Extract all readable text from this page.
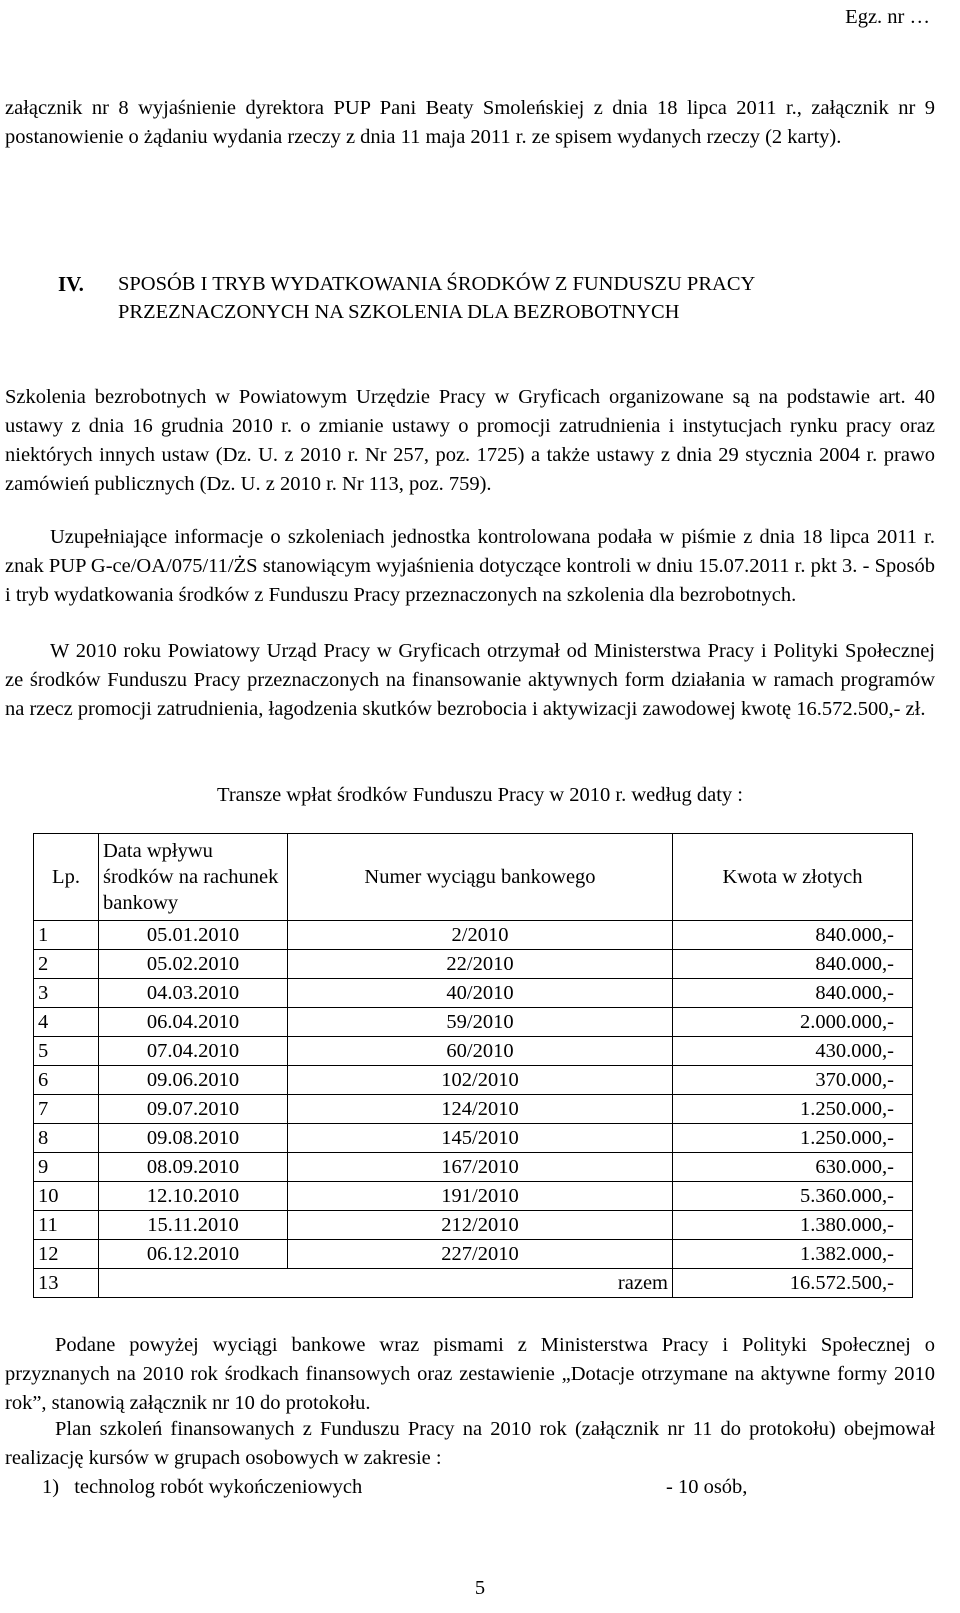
Egz. nr …
załącznik nr 8 wyjaśnienie dyrektora PUP Pani Beaty Smoleńskiej z dnia 18 lipca 2011 r., załącznik nr 9 postanowienie o żądaniu wydania rzeczy z dnia 11 maja 2011 r. ze spisem wydanych rzeczy (2 karty).
IV. SPOSÓB I TRYB WYDATKOWANIA ŚRODKÓW Z FUNDUSZU PRACY PRZEZNACZONYCH NA SZKOLENIA DLA BEZROBOTNYCH
Szkolenia bezrobotnych w Powiatowym Urzędzie Pracy w Gryficach organizowane są na podstawie art. 40 ustawy z dnia 16 grudnia 2010 r. o zmianie ustawy o promocji zatrudnienia i instytucjach rynku pracy oraz niektórych innych ustaw (Dz. U. z 2010 r. Nr 257, poz. 1725) a także ustawy z dnia 29 stycznia 2004 r. prawo zamówień publicznych (Dz. U. z 2010 r. Nr 113, poz. 759).
Uzupełniające informacje o szkoleniach jednostka kontrolowana podała w piśmie z dnia 18 lipca 2011 r. znak PUP G-ce/OA/075/11/ŻS stanowiącym wyjaśnienia dotyczące kontroli w dniu 15.07.2011 r. pkt 3. - Sposób i tryb wydatkowania środków z Funduszu Pracy przeznaczonych na szkolenia dla bezrobotnych.
W 2010 roku Powiatowy Urząd Pracy w Gryficach otrzymał od Ministerstwa Pracy i Polityki Społecznej ze środków Funduszu Pracy przeznaczonych na finansowanie aktywnych form działania w ramach programów na rzecz promocji zatrudnienia, łagodzenia skutków bezrobocia i aktywizacji zawodowej kwotę 16.572.500,- zł.
Transze wpłat środków Funduszu Pracy w 2010 r. według daty :
Lp.	Data wpływu środków na rachunek bankowy	Numer wyciągu bankowego	Kwota w złotych
1	05.01.2010	2/2010	840.000,-
2	05.02.2010	22/2010	840.000,-
3	04.03.2010	40/2010	840.000,-
4	06.04.2010	59/2010	2.000.000,-
5	07.04.2010	60/2010	430.000,-
6	09.06.2010	102/2010	370.000,-
7	09.07.2010	124/2010	1.250.000,-
8	09.08.2010	145/2010	1.250.000,-
9	08.09.2010	167/2010	630.000,-
10	12.10.2010	191/2010	5.360.000,-
11	15.11.2010	212/2010	1.380.000,-
12	06.12.2010	227/2010	1.382.000,-
13	razem		16.572.500,-
Podane powyżej wyciągi bankowe wraz pismami z Ministerstwa Pracy i Polityki Społecznej o przyznanych na 2010 rok środkach finansowych oraz zestawienie „Dotacje otrzymane na aktywne formy 2010 rok”, stanowią załącznik nr 10 do protokołu.
Plan szkoleń finansowanych z Funduszu Pracy na 2010 rok (załącznik nr 11 do protokołu) obejmował realizację kursów w grupach osobowych w zakresie :
1) technolog robót wykończeniowych	- 10 osób,
5
